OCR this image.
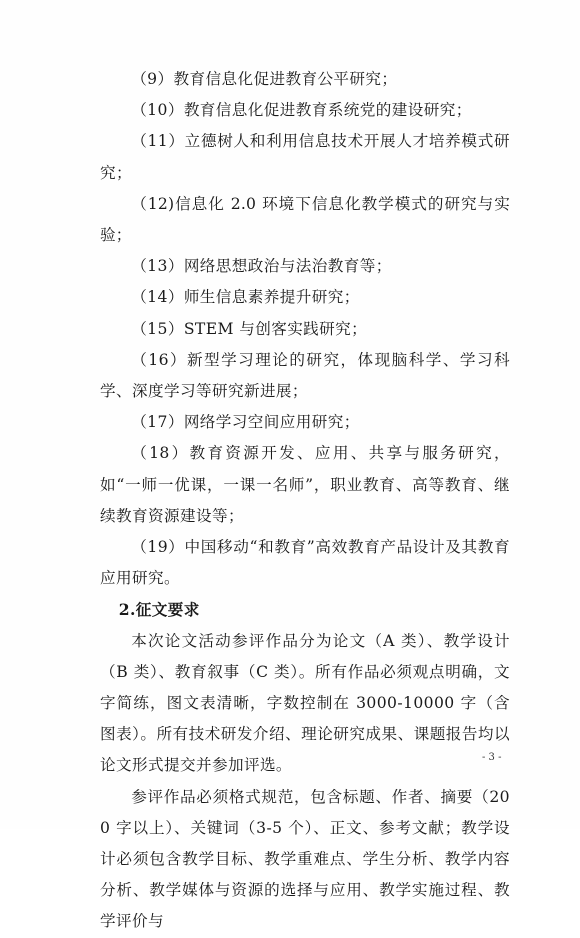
（9）教育信息化促进教育公平研究；

（10）教育信息化促进教育系统党的建设研究；

（11）立德树人和利用信息技术开展人才培养模式研究；

（12)信息化 2.0 环境下信息化教学模式的研究与实验；

（13）网络思想政治与法治教育等；

（14）师生信息素养提升研究；

（15）STEM 与创客实践研究；

（16）新型学习理论的研究，体现脑科学、学习科学、深度学习等研究新进展；

（17）网络学习空间应用研究；

（18）教育资源开发、应用、共享与服务研究，如“一师一优课，一课一名师”，职业教育、高等教育、继续教育资源建设等；

（19）中国移动“和教育”高效教育产品设计及其教育应用研究。

2.征文要求

本次论文活动参评作品分为论文（A 类）、教学设计（B 类）、教育叙事（C 类）。所有作品必须观点明确，文字简练，图文表清晰，字数控制在 3000-10000 字（含图表）。所有技术研发介绍、理论研究成果、课题报告均以论文形式提交并参加评选。

参评作品必须格式规范，包含标题、作者、摘要（200 字以上）、关键词（3-5 个）、正文、参考文献；教学设计必须包含教学目标、教学重难点、学生分析、教学内容分析、教学媒体与资源的选择与应用、教学实施过程、教学评价与

- 3 -
